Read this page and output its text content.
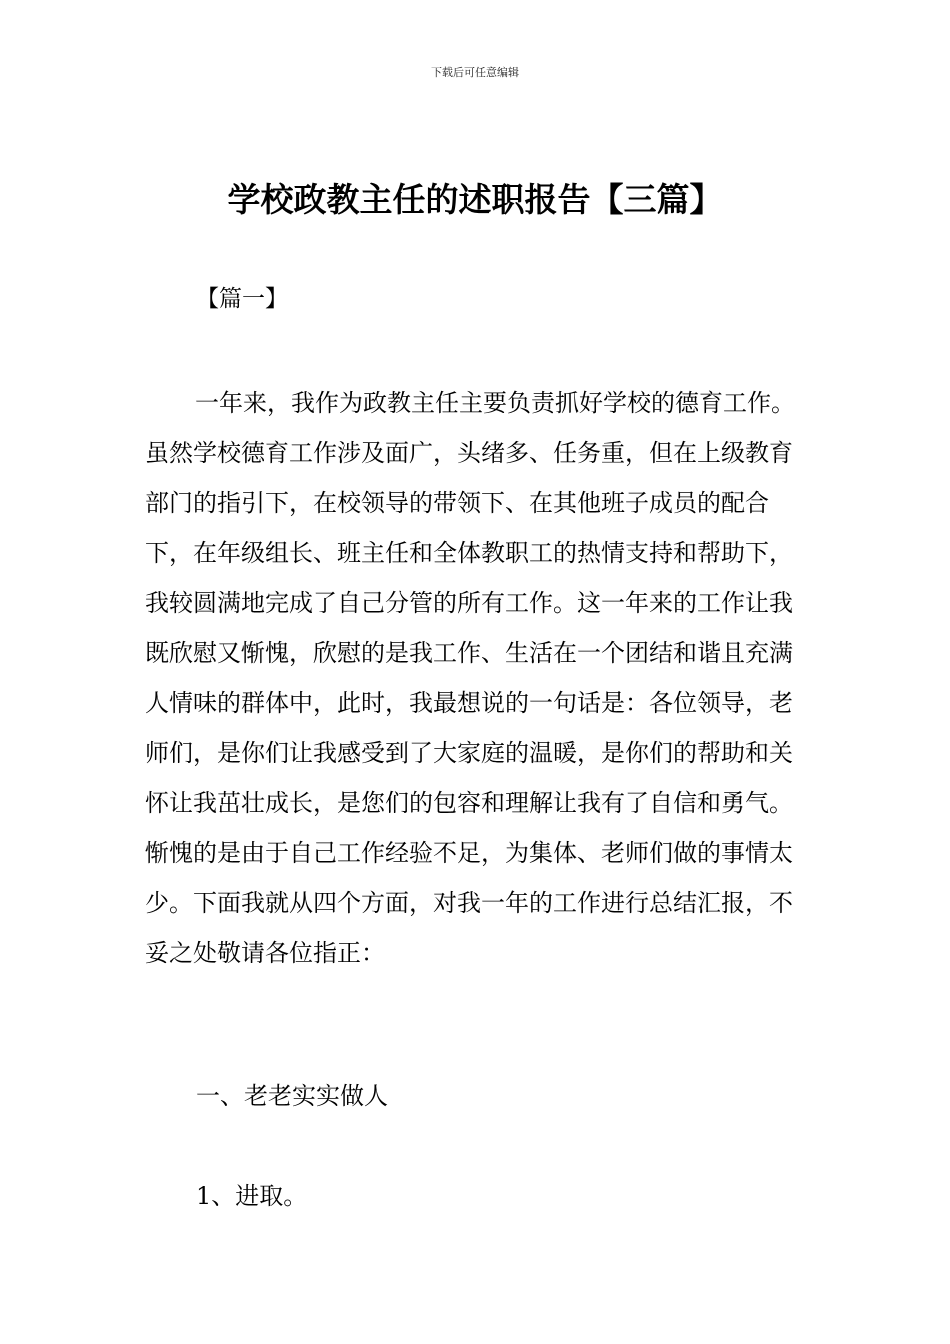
下载后可任意编辑
学校政教主任的述职报告【三篇】
【篇一】

一年来，我作为政教主任主要负责抓好学校的德育工作。虽然学校德育工作涉及面广，头绪多、任务重，但在上级教育部门的指引下，在校领导的带领下、在其他班子成员的配合下，在年级组长、班主任和全体教职工的热情支持和帮助下，我较圆满地完成了自己分管的所有工作。这一年来的工作让我既欣慰又惭愧，欣慰的是我工作、生活在一个团结和谐且充满人情味的群体中，此时，我最想说的一句话是：各位领导，老师们，是你们让我感受到了大家庭的温暖，是你们的帮助和关怀让我茁壮成长，是您们的包容和理解让我有了自信和勇气。惭愧的是由于自己工作经验不足，为集体、老师们做的事情太少。下面我就从四个方面，对我一年的工作进行总结汇报，不妥之处敬请各位指正：

一、老老实实做人
1、进取。
